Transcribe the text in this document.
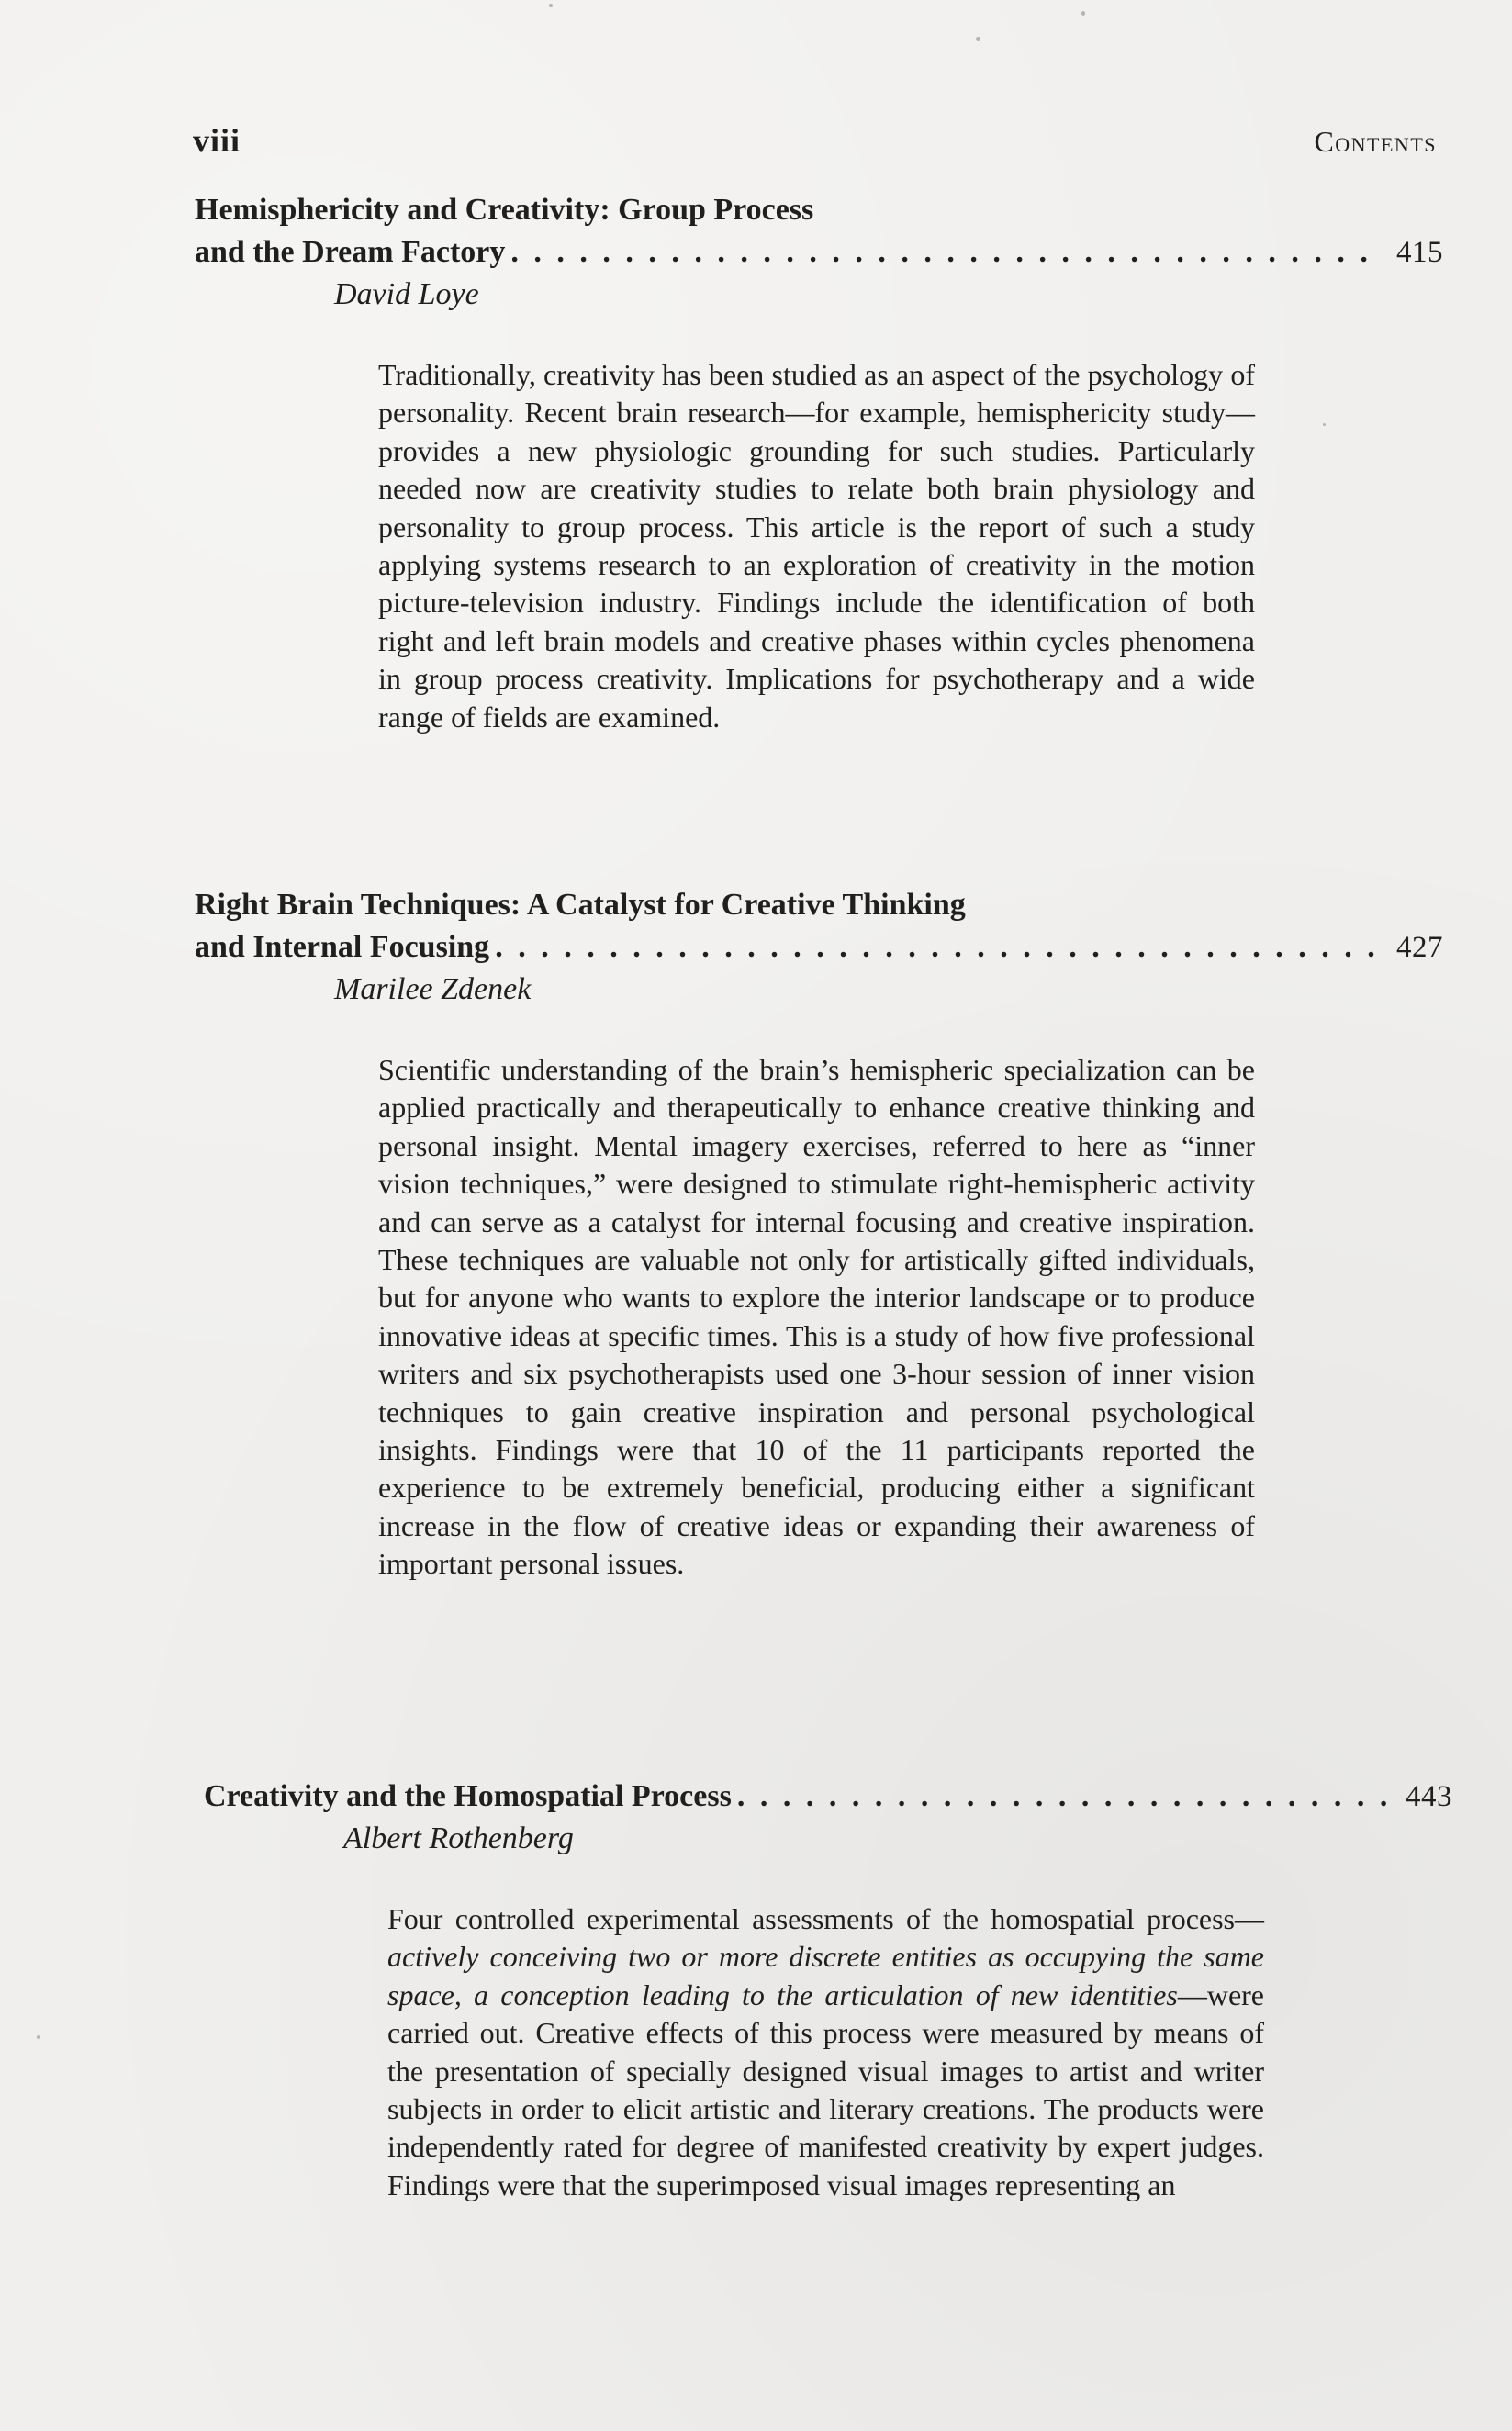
viii	Contents
Hemisphericity and Creativity: Group Process
and the Dream Factory . . .	415
David Loye
Traditionally, creativity has been studied as an aspect of the psychology of personality. Recent brain research—for example, hemisphericity study—provides a new physiologic grounding for such studies. Particularly needed now are creativity studies to relate both brain physiology and personality to group process. This article is the report of such a study applying systems research to an exploration of creativity in the motion picture-television industry. Findings include the identification of both right and left brain models and creative phases within cycles phenomena in group process creativity. Implications for psychotherapy and a wide range of fields are examined.
Right Brain Techniques: A Catalyst for Creative Thinking
and Internal Focusing . . .	427
Marilee Zdenek
Scientific understanding of the brain’s hemispheric specialization can be applied practically and therapeutically to enhance creative thinking and personal insight. Mental imagery exercises, referred to here as “inner vision techniques,” were designed to stimulate right-hemispheric activity and can serve as a catalyst for internal focusing and creative inspiration. These techniques are valuable not only for artistically gifted individuals, but for anyone who wants to explore the interior landscape or to produce innovative ideas at specific times. This is a study of how five professional writers and six psychotherapists used one 3-hour session of inner vision techniques to gain creative inspiration and personal psychological insights. Findings were that 10 of the 11 participants reported the experience to be extremely beneficial, producing either a significant increase in the flow of creative ideas or expanding their awareness of important personal issues.
Creativity and the Homospatial Process . . .	443
Albert Rothenberg
Four controlled experimental assessments of the homospatial process—actively conceiving two or more discrete entities as occupying the same space, a conception leading to the articulation of new identities—were carried out. Creative effects of this process were measured by means of the presentation of specially designed visual images to artist and writer subjects in order to elicit artistic and literary creations. The products were independently rated for degree of manifested creativity by expert judges. Findings were that the superimposed visual images representing an
